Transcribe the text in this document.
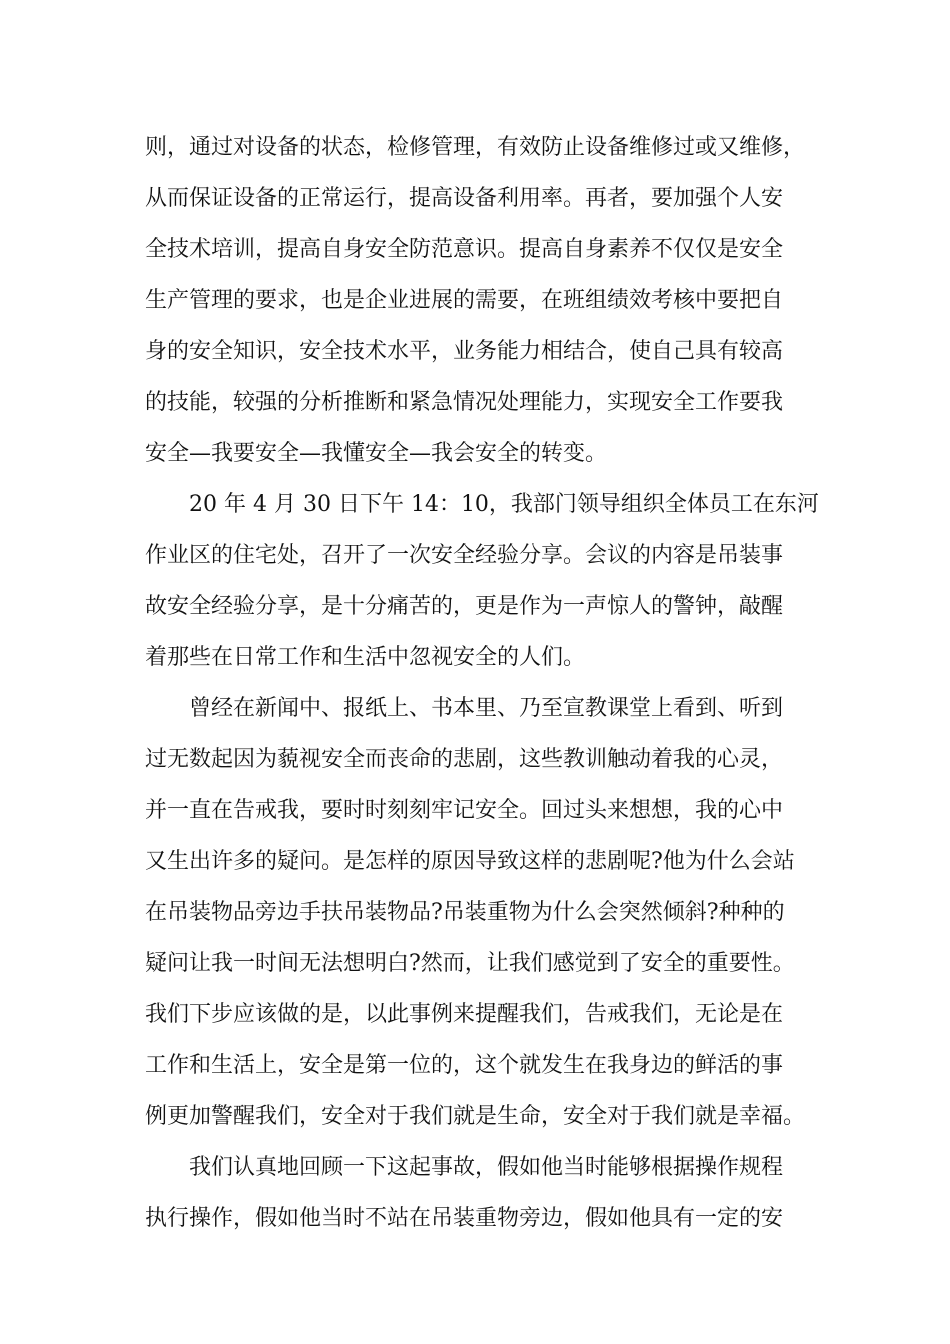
则，通过对设备的状态，检修管理，有效防止设备维修过或又维修，
从而保证设备的正常运行，提高设备利用率。再者，要加强个人安
全技术培训，提高自身安全防范意识。提高自身素养不仅仅是安全
生产管理的要求，也是企业进展的需要，在班组绩效考核中要把自
身的安全知识，安全技术水平，业务能力相结合，使自己具有较高
的技能，较强的分析推断和紧急情况处理能力，实现安全工作要我
安全—我要安全—我懂安全—我会安全的转变。
20 年 4 月 30 日下午 14：10，我部门领导组织全体员工在东河
作业区的住宅处，召开了一次安全经验分享。会议的内容是吊装事
故安全经验分享，是十分痛苦的，更是作为一声惊人的警钟，敲醒
着那些在日常工作和生活中忽视安全的人们。
曾经在新闻中、报纸上、书本里、乃至宣教课堂上看到、听到
过无数起因为藐视安全而丧命的悲剧，这些教训触动着我的心灵，
并一直在告戒我，要时时刻刻牢记安全。回过头来想想，我的心中
又生出许多的疑问。是怎样的原因导致这样的悲剧呢?他为什么会站
在吊装物品旁边手扶吊装物品?吊装重物为什么会突然倾斜?种种的
疑问让我一时间无法想明白?然而，让我们感觉到了安全的重要性。
我们下步应该做的是，以此事例来提醒我们，告戒我们，无论是在
工作和生活上，安全是第一位的，这个就发生在我身边的鲜活的事
例更加警醒我们，安全对于我们就是生命，安全对于我们就是幸福。
我们认真地回顾一下这起事故，假如他当时能够根据操作规程
执行操作，假如他当时不站在吊装重物旁边，假如他具有一定的安
